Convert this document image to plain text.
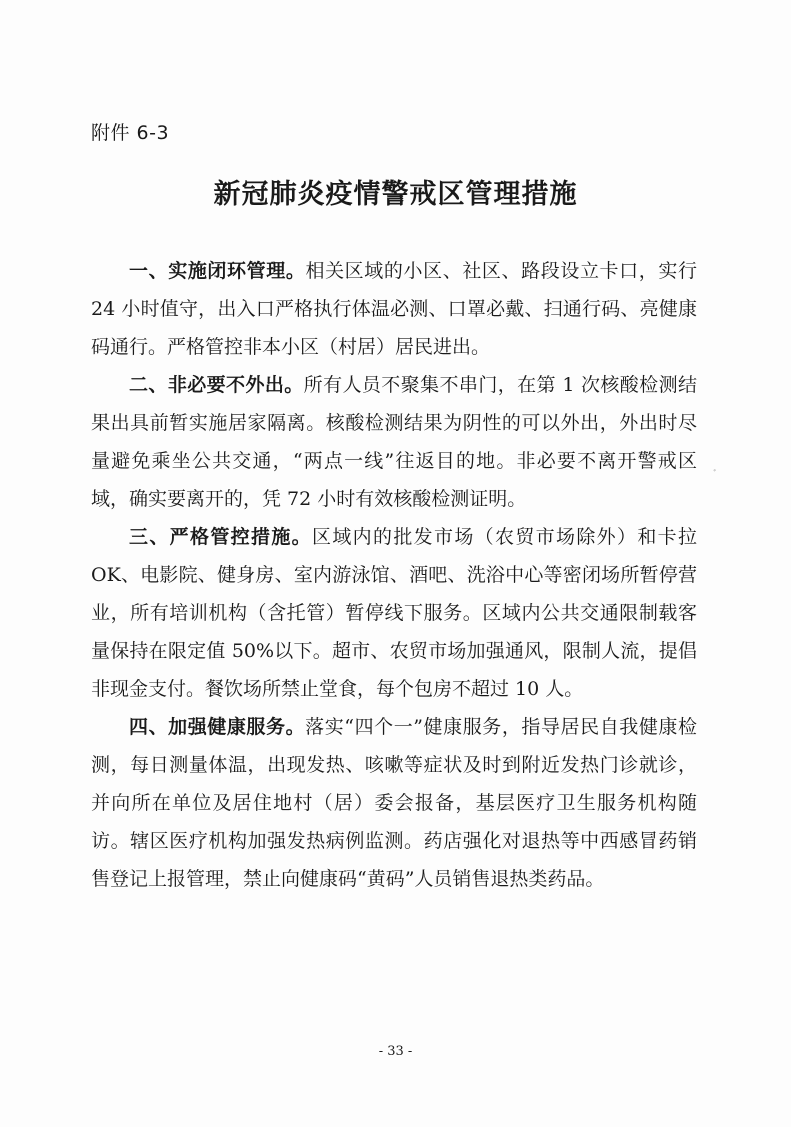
附件 6-3
新冠肺炎疫情警戒区管理措施

一、实施闭环管理。相关区域的小区、社区、路段设立卡口，实行 24 小时值守，出入口严格执行体温必测、口罩必戴、扫通行码、亮健康码通行。严格管控非本小区（村居）居民进出。

二、非必要不外出。所有人员不聚集不串门，在第 1 次核酸检测结果出具前暂实施居家隔离。核酸检测结果为阴性的可以外出，外出时尽量避免乘坐公共交通，“两点一线”往返目的地。非必要不离开警戒区域，确实要离开的，凭 72 小时有效核酸检测证明。

三、严格管控措施。区域内的批发市场（农贸市场除外）和卡拉 OK、电影院、健身房、室内游泳馆、酒吧、洗浴中心等密闭场所暂停营业，所有培训机构（含托管）暂停线下服务。区域内公共交通限制载客量保持在限定值 50%以下。超市、农贸市场加强通风，限制人流，提倡非现金支付。餐饮场所禁止堂食，每个包房不超过 10 人。

四、加强健康服务。落实“四个一”健康服务，指导居民自我健康检测，每日测量体温，出现发热、咳嗽等症状及时到附近发热门诊就诊，并向所在单位及居住地村（居）委会报备，基层医疗卫生服务机构随访。辖区医疗机构加强发热病例监测。药店强化对退热等中西感冒药销售登记上报管理，禁止向健康码“黄码”人员销售退热类药品。

ﾞ
- 33 -
